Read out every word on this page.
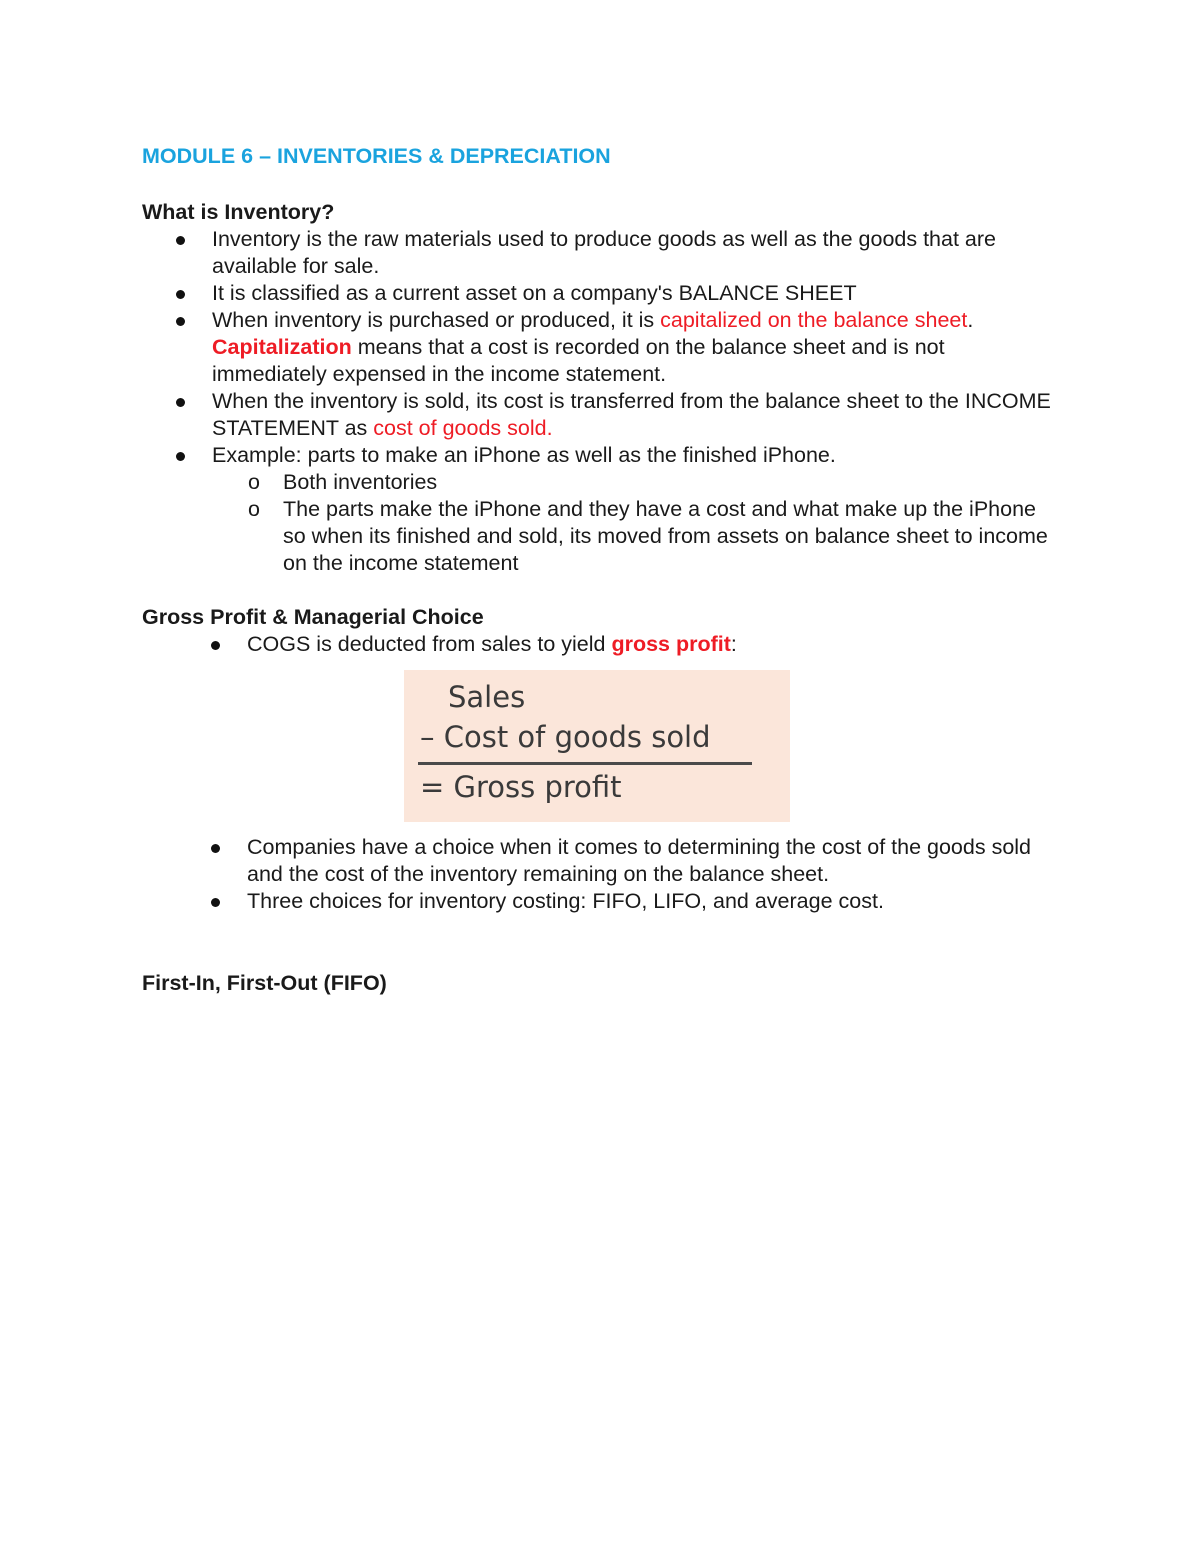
MODULE 6 – INVENTORIES & DEPRECIATION
What is Inventory?
Inventory is the raw materials used to produce goods as well as the goods that are available for sale.
It is classified as a current asset on a company's BALANCE SHEET
When inventory is purchased or produced, it is capitalized on the balance sheet.
Capitalization means that a cost is recorded on the balance sheet and is not immediately expensed in the income statement.
When the inventory is sold, its cost is transferred from the balance sheet to the INCOME STATEMENT as cost of goods sold.
Example: parts to make an iPhone as well as the finished iPhone.
o Both inventories
o The parts make the iPhone and they have a cost and what make up the iPhone so when its finished and sold, its moved from assets on balance sheet to income on the income statement
Gross Profit & Managerial Choice
COGS is deducted from sales to yield gross profit:
Sales
– Cost of goods sold
= Gross profit
Companies have a choice when it comes to determining the cost of the goods sold and the cost of the inventory remaining on the balance sheet.
Three choices for inventory costing: FIFO, LIFO, and average cost.
First-In, First-Out (FIFO)
